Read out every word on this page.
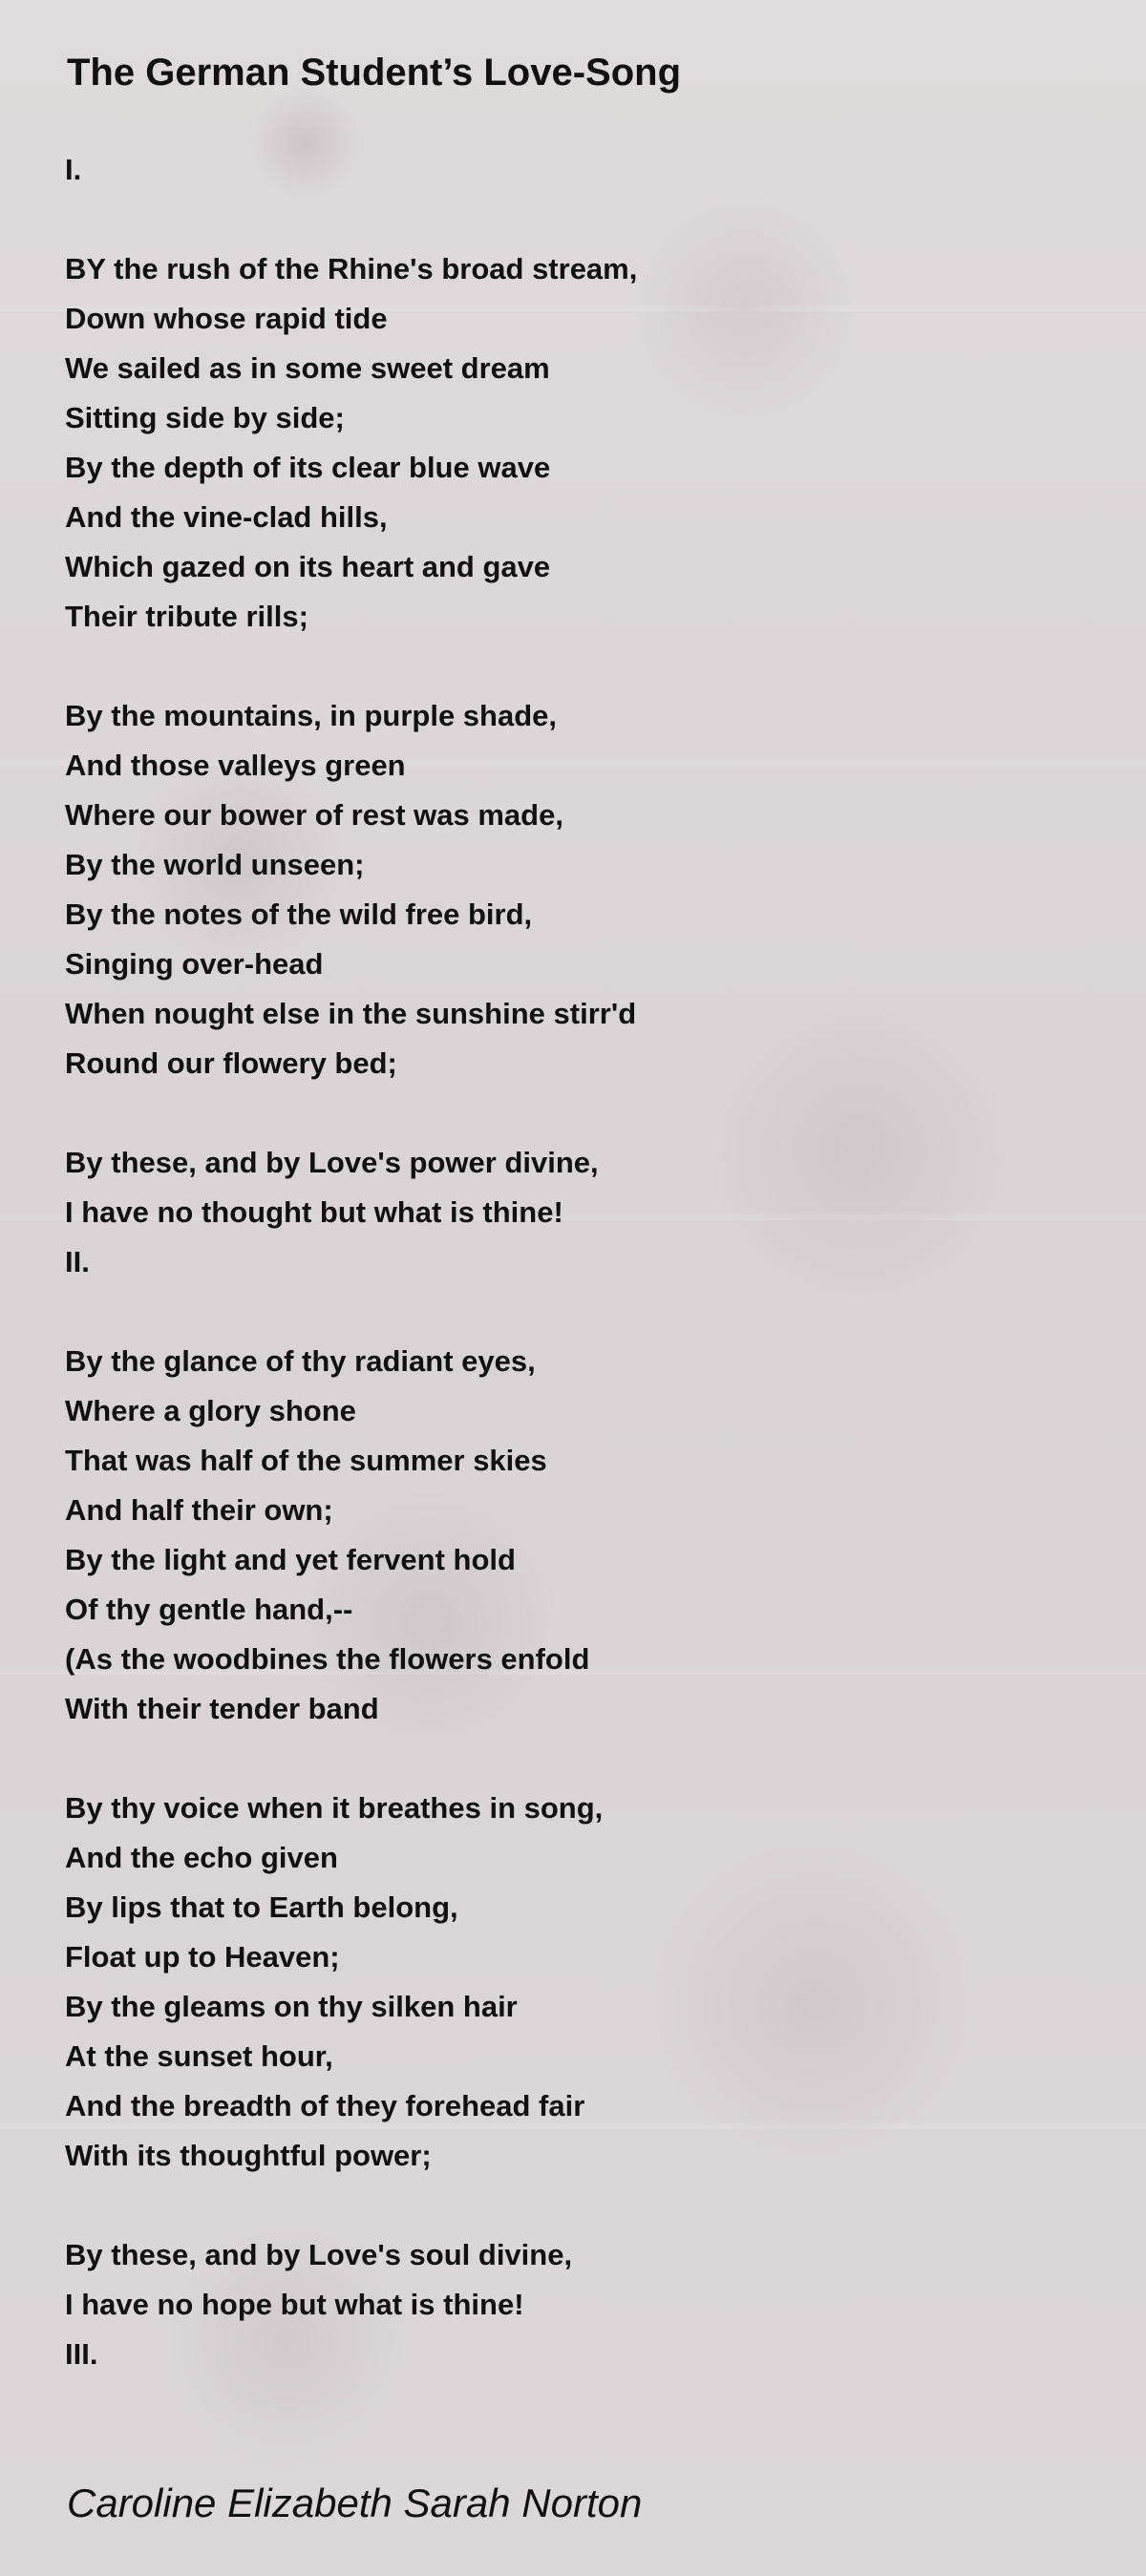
The German Student’s Love-Song
I.
BY the rush of the Rhine's broad stream,
Down whose rapid tide
We sailed as in some sweet dream
Sitting side by side;
By the depth of its clear blue wave
And the vine-clad hills,
Which gazed on its heart and gave
Their tribute rills;
By the mountains, in purple shade,
And those valleys green
Where our bower of rest was made,
By the world unseen;
By the notes of the wild free bird,
Singing over-head
When nought else in the sunshine stirr'd
Round our flowery bed;
By these, and by Love's power divine,
I have no thought but what is thine!
II.
By the glance of thy radiant eyes,
Where a glory shone
That was half of the summer skies
And half their own;
By the light and yet fervent hold
Of thy gentle hand,--
(As the woodbines the flowers enfold
With their tender band
By thy voice when it breathes in song,
And the echo given
By lips that to Earth belong,
Float up to Heaven;
By the gleams on thy silken hair
At the sunset hour,
And the breadth of they forehead fair
With its thoughtful power;
By these, and by Love's soul divine,
I have no hope but what is thine!
III.
Caroline Elizabeth Sarah Norton
